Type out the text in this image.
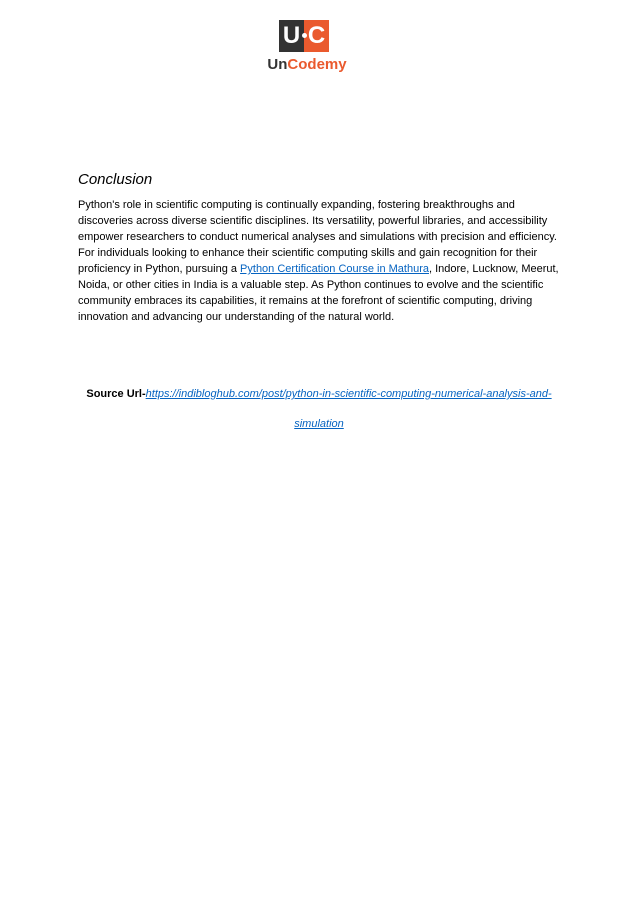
U C
UnCodemy
Conclusion

Python's role in scientific computing is continually expanding, fostering breakthroughs and discoveries across diverse scientific disciplines. Its versatility, powerful libraries, and accessibility empower researchers to conduct numerical analyses and simulations with precision and efficiency. For individuals looking to enhance their scientific computing skills and gain recognition for their proficiency in Python, pursuing a Python Certification Course in Mathura, Indore, Lucknow, Meerut, Noida, or other cities in India is a valuable step. As Python continues to evolve and the scientific community embraces its capabilities, it remains at the forefront of scientific computing, driving innovation and advancing our understanding of the natural world.

Source Url-https://indibloghub.com/post/python-in-scientific-computing-numerical-analysis-and-simulation
